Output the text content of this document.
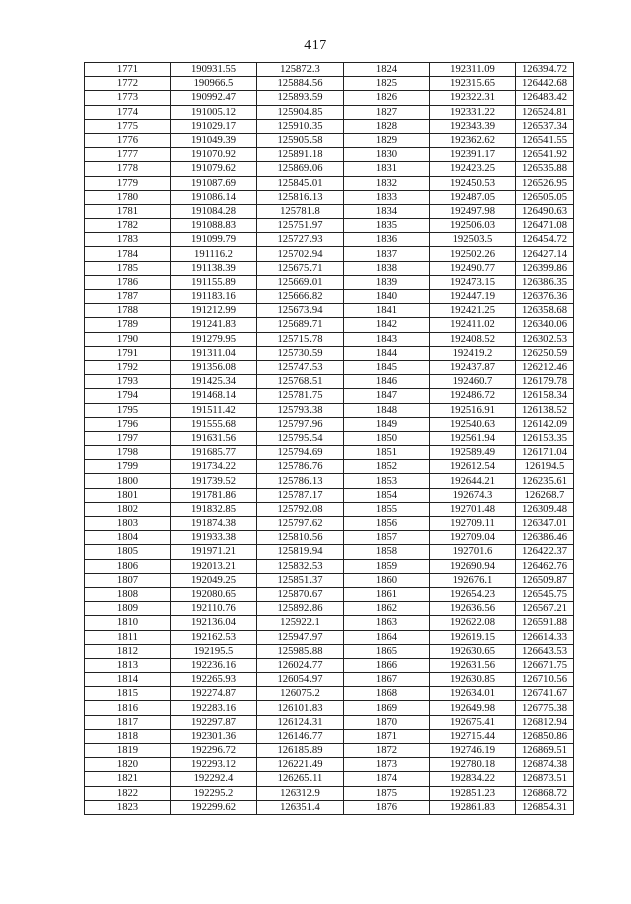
417
1771	190931.55	125872.3	1824	192311.09	126394.72
1772	190966.5	125884.56	1825	192315.65	126442.68
1773	190992.47	125893.59	1826	192322.31	126483.42
1774	191005.12	125904.85	1827	192331.22	126524.81
1775	191029.17	125910.35	1828	192343.39	126537.34
1776	191049.39	125905.58	1829	192362.62	126541.55
1777	191070.92	125891.18	1830	192391.17	126541.92
1778	191079.62	125869.06	1831	192423.25	126535.88
1779	191087.69	125845.01	1832	192450.53	126526.95
1780	191086.14	125816.13	1833	192487.05	126505.05
1781	191084.28	125781.8	1834	192497.98	126490.63
1782	191088.83	125751.97	1835	192506.03	126471.08
1783	191099.79	125727.93	1836	192503.5	126454.72
1784	191116.2	125702.94	1837	192502.26	126427.14
1785	191138.39	125675.71	1838	192490.77	126399.86
1786	191155.89	125669.01	1839	192473.15	126386.35
1787	191183.16	125666.82	1840	192447.19	126376.36
1788	191212.99	125673.94	1841	192421.25	126358.68
1789	191241.83	125689.71	1842	192411.02	126340.06
1790	191279.95	125715.78	1843	192408.52	126302.53
1791	191311.04	125730.59	1844	192419.2	126250.59
1792	191356.08	125747.53	1845	192437.87	126212.46
1793	191425.34	125768.51	1846	192460.7	126179.78
1794	191468.14	125781.75	1847	192486.72	126158.34
1795	191511.42	125793.38	1848	192516.91	126138.52
1796	191555.68	125797.96	1849	192540.63	126142.09
1797	191631.56	125795.54	1850	192561.94	126153.35
1798	191685.77	125794.69	1851	192589.49	126171.04
1799	191734.22	125786.76	1852	192612.54	126194.5
1800	191739.52	125786.13	1853	192644.21	126235.61
1801	191781.86	125787.17	1854	192674.3	126268.7
1802	191832.85	125792.08	1855	192701.48	126309.48
1803	191874.38	125797.62	1856	192709.11	126347.01
1804	191933.38	125810.56	1857	192709.04	126386.46
1805	191971.21	125819.94	1858	192701.6	126422.37
1806	192013.21	125832.53	1859	192690.94	126462.76
1807	192049.25	125851.37	1860	192676.1	126509.87
1808	192080.65	125870.67	1861	192654.23	126545.75
1809	192110.76	125892.86	1862	192636.56	126567.21
1810	192136.04	125922.1	1863	192622.08	126591.88
1811	192162.53	125947.97	1864	192619.15	126614.33
1812	192195.5	125985.88	1865	192630.65	126643.53
1813	192236.16	126024.77	1866	192631.56	126671.75
1814	192265.93	126054.97	1867	192630.85	126710.56
1815	192274.87	126075.2	1868	192634.01	126741.67
1816	192283.16	126101.83	1869	192649.98	126775.38
1817	192297.87	126124.31	1870	192675.41	126812.94
1818	192301.36	126146.77	1871	192715.44	126850.86
1819	192296.72	126185.89	1872	192746.19	126869.51
1820	192293.12	126221.49	1873	192780.18	126874.38
1821	192292.4	126265.11	1874	192834.22	126873.51
1822	192295.2	126312.9	1875	192851.23	126868.72
1823	192299.62	126351.4	1876	192861.83	126854.31
